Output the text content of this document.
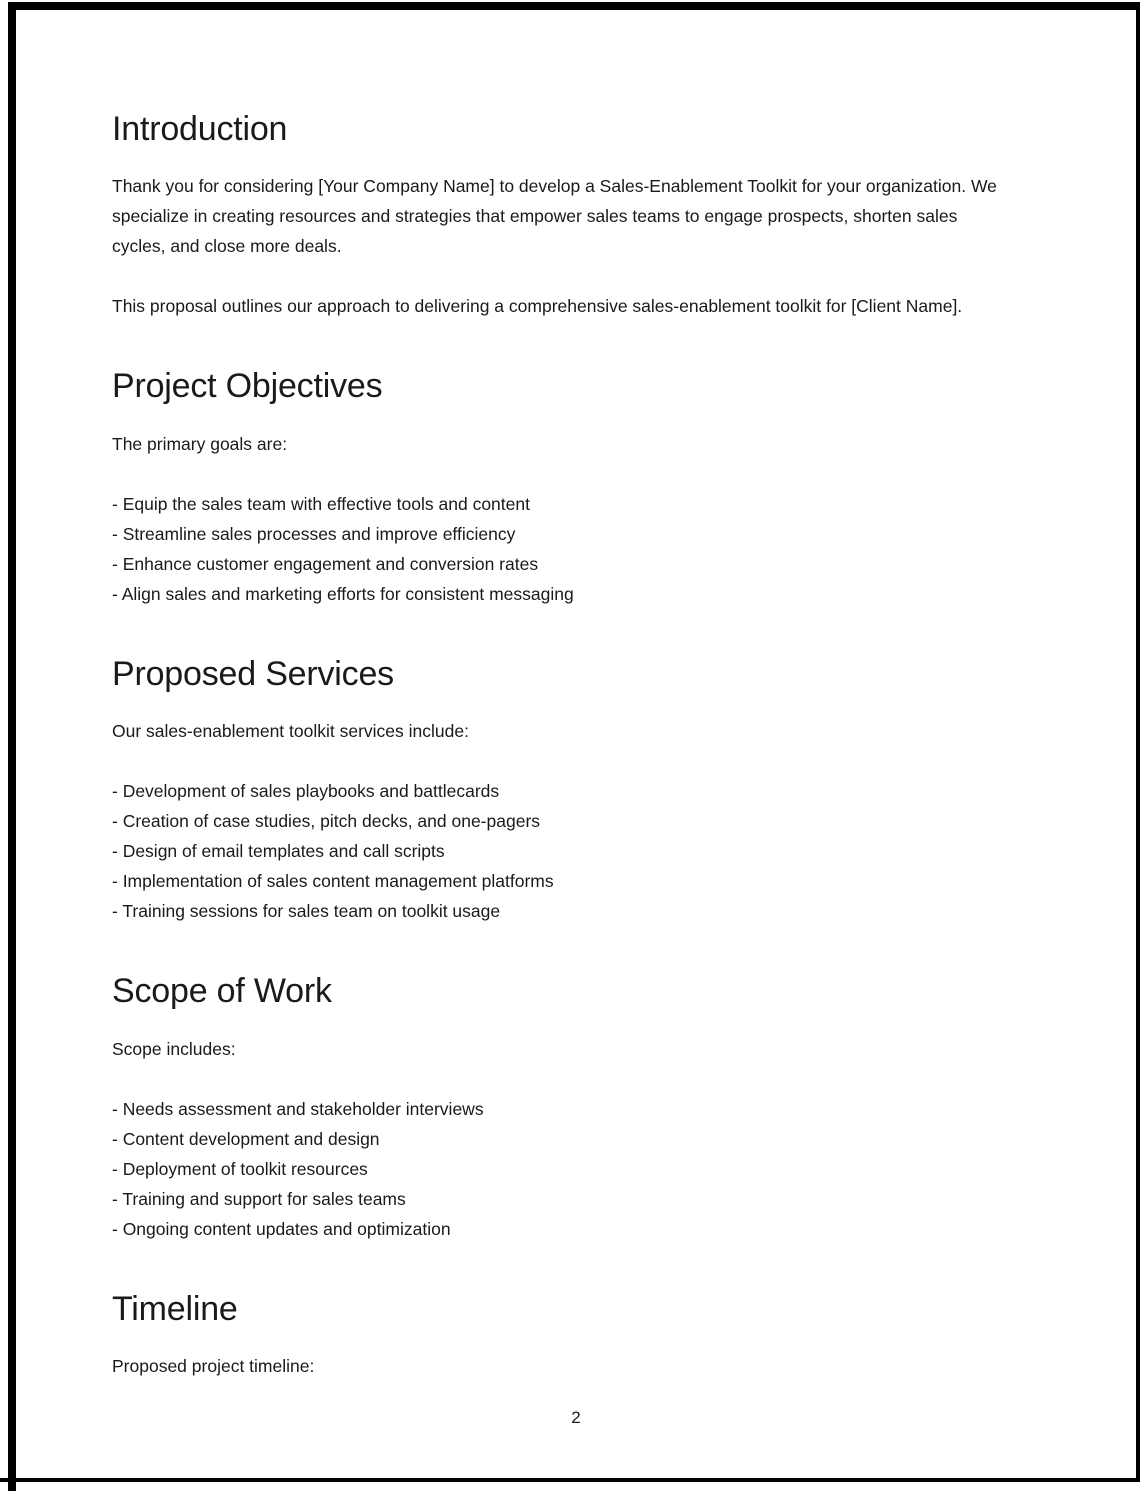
Introduction

Thank you for considering [Your Company Name] to develop a Sales-Enablement Toolkit for your organization. We specialize in creating resources and strategies that empower sales teams to engage prospects, shorten sales cycles, and close more deals.

This proposal outlines our approach to delivering a comprehensive sales-enablement toolkit for [Client Name].

Project Objectives

The primary goals are:

- Equip the sales team with effective tools and content
- Streamline sales processes and improve efficiency
- Enhance customer engagement and conversion rates
- Align sales and marketing efforts for consistent messaging
Proposed Services

Our sales-enablement toolkit services include:

- Development of sales playbooks and battlecards
- Creation of case studies, pitch decks, and one-pagers
- Design of email templates and call scripts
- Implementation of sales content management platforms
- Training sessions for sales team on toolkit usage
Scope of Work

Scope includes:

- Needs assessment and stakeholder interviews
- Content development and design
- Deployment of toolkit resources
- Training and support for sales teams
- Ongoing content updates and optimization
Timeline

Proposed project timeline:

2
